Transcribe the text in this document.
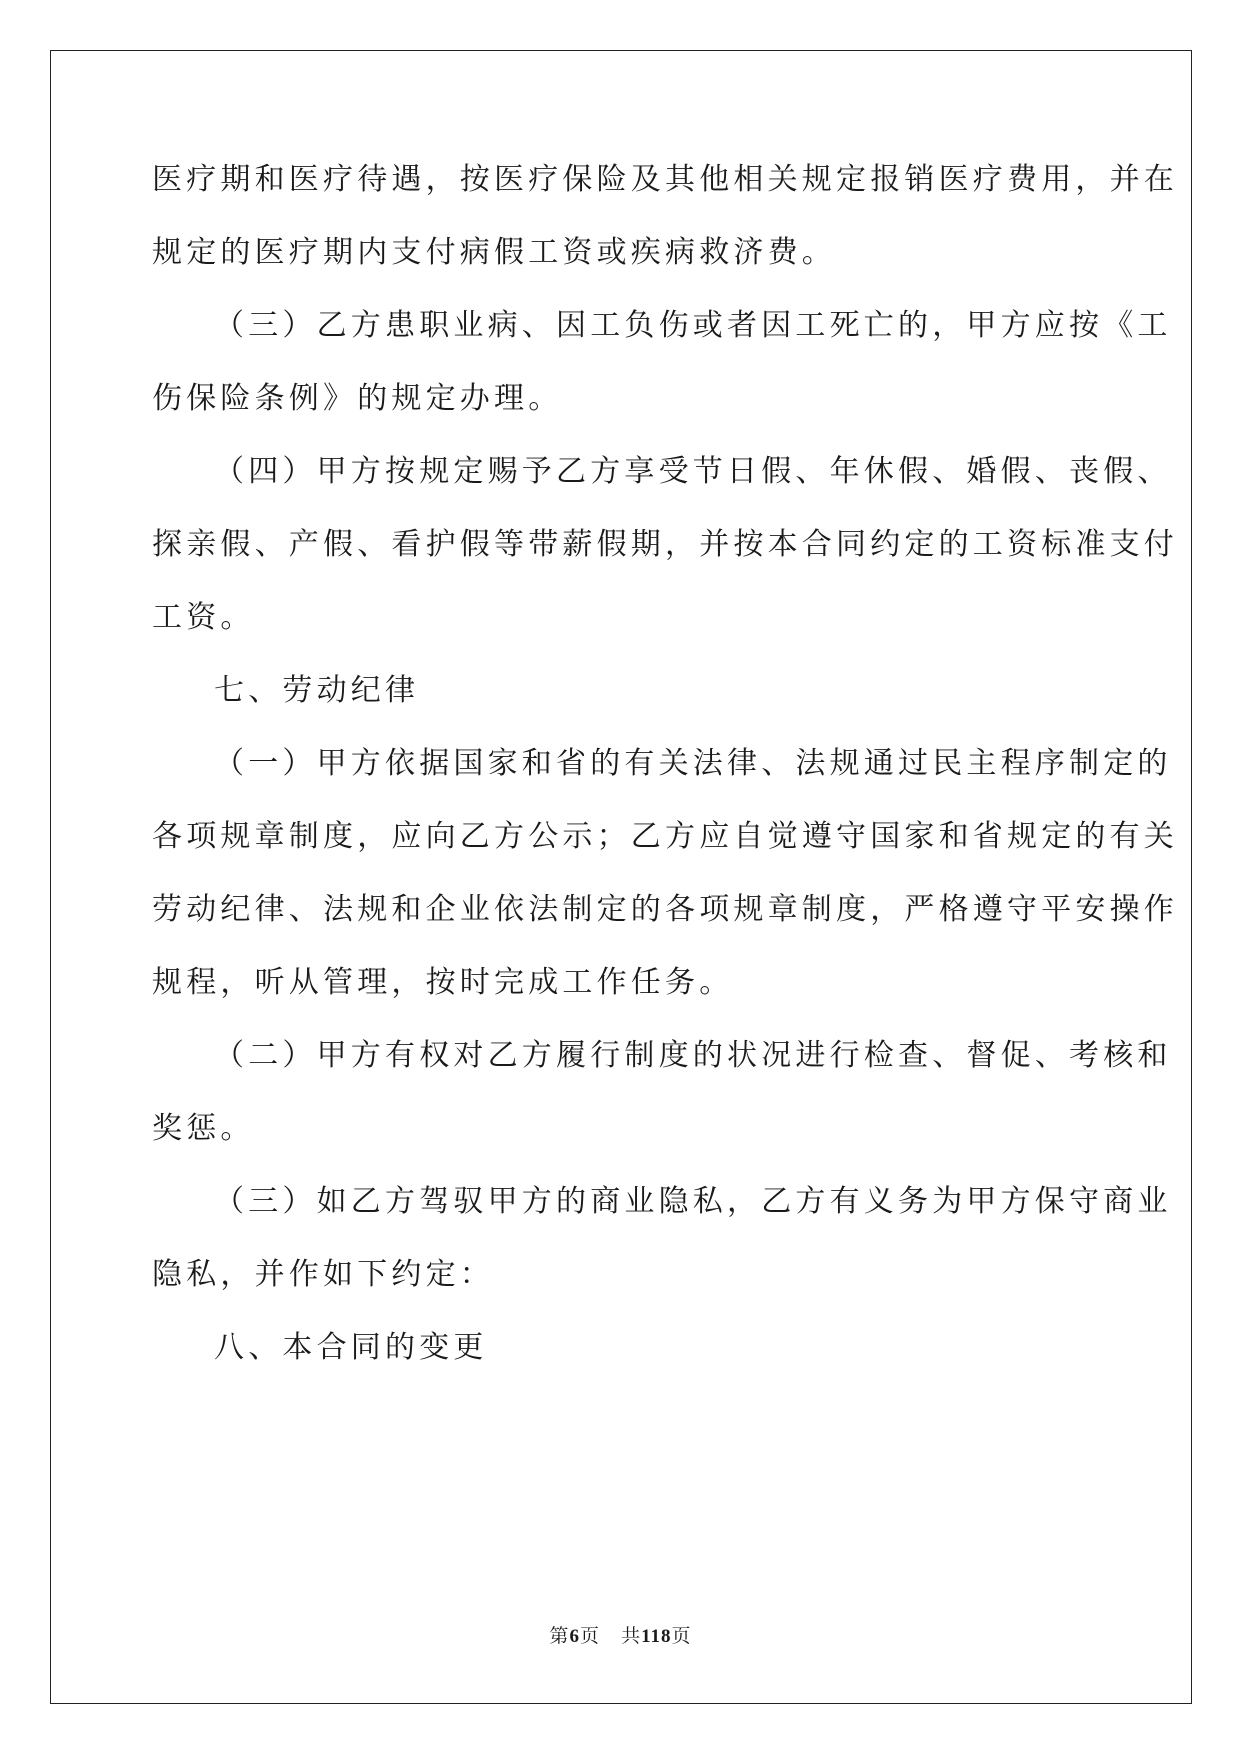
医疗期和医疗待遇，按医疗保险及其他相关规定报销医疗费用，并在
规定的医疗期内支付病假工资或疾病救济费。
（三）乙方患职业病、因工负伤或者因工死亡的，甲方应按《工
伤保险条例》的规定办理。
（四）甲方按规定赐予乙方享受节日假、年休假、婚假、丧假、
探亲假、产假、看护假等带薪假期，并按本合同约定的工资标准支付
工资。
七、劳动纪律
（一）甲方依据国家和省的有关法律、法规通过民主程序制定的
各项规章制度，应向乙方公示；乙方应自觉遵守国家和省规定的有关
劳动纪律、法规和企业依法制定的各项规章制度，严格遵守平安操作
规程，听从管理，按时完成工作任务。
（二）甲方有权对乙方履行制度的状况进行检查、督促、考核和
奖惩。
（三）如乙方驾驭甲方的商业隐私，乙方有义务为甲方保守商业
隐私，并作如下约定：
八、本合同的变更
第6页 共118页
